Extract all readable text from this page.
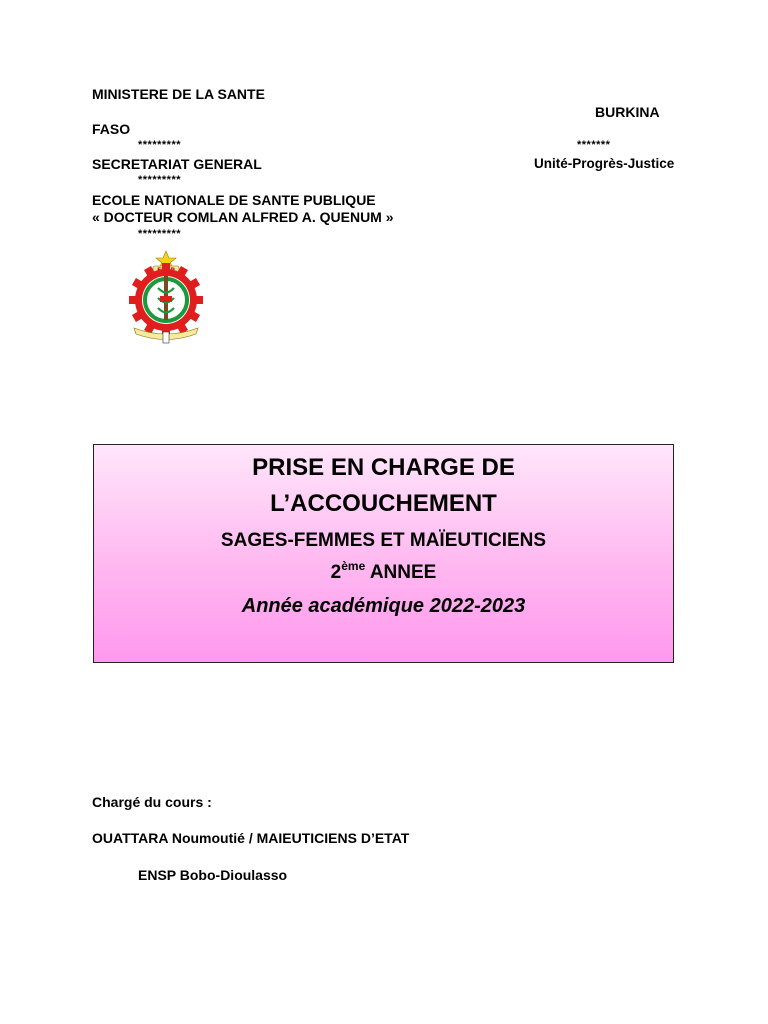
MINISTERE DE LA SANTE
BURKINA
FASO
*********	*******
SECRETARIAT GENERAL	Unité-Progrès-Justice
*********
ECOLE NATIONALE DE SANTE PUBLIQUE
« DOCTEUR COMLAN ALFRED A. QUENUM »
*********
PRISE EN CHARGE DE
L’ACCOUCHEMENT
SAGES-FEMMES ET MAÏEUTICIENS
2ème ANNEE
Année académique 2022-2023
Chargé du cours :
OUATTARA Noumoutié / MAIEUTICIENS D’ETAT
ENSP Bobo-Dioulasso
